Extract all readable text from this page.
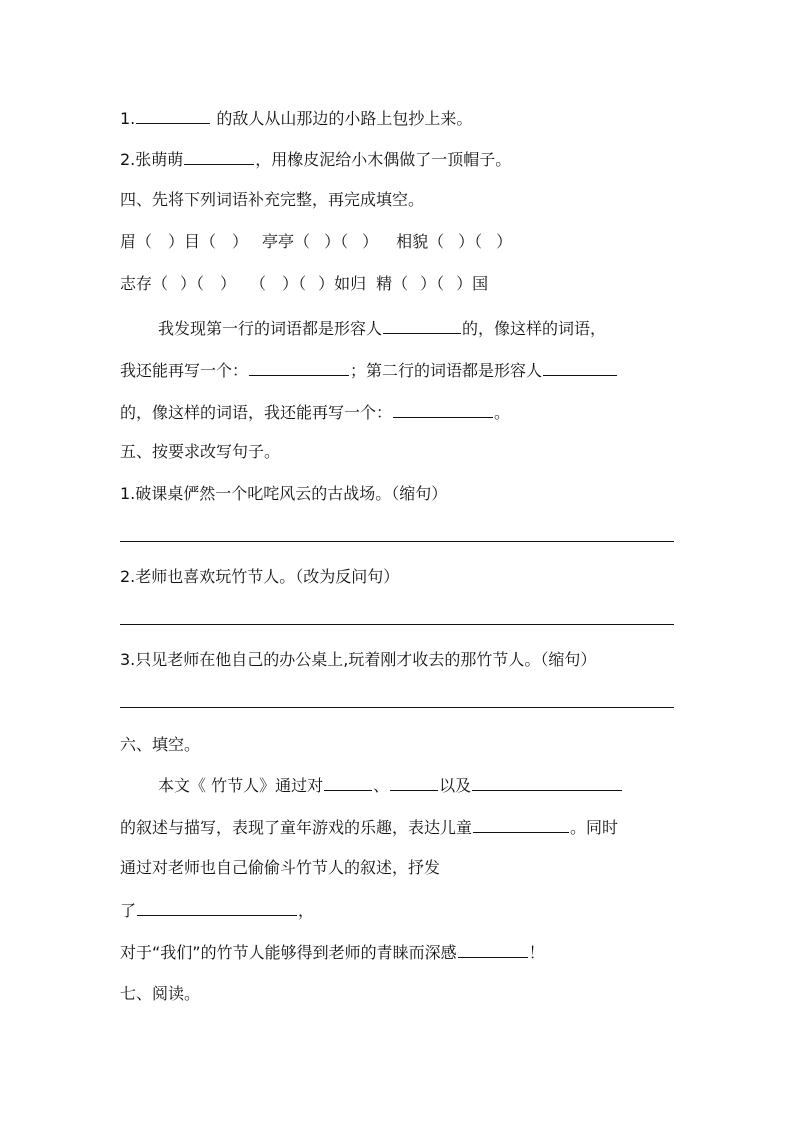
1.	的敌人从山那边的小路上包抄上来。
2.张萌萌	，用橡皮泥给小木偶做了一顶帽子。
四、先将下列词语补充完整，再完成填空。
眉（ ）目（ ） 亭亭（ ）（ ） 相貌（ ）（ ）
志存（ ）（ ） （ ）（ ）如归 精（ ）（ ）国
我发现第一行的词语都是形容人	的，像这样的词语，
我还能再写一个：	；第二行的词语都是形容人
的，像这样的词语，我还能再写一个：	。
五、按要求改写句子。
1.破课桌俨然一个叱咤风云的古战场。（缩句）
2.老师也喜欢玩竹节人。（改为反问句）
3.只见老师在他自己的办公桌上,玩着刚才收去的那竹节人。（缩句）
六、填空。
本文《 竹节人》通过对	、	以及
的叙述与描写，表现了童年游戏的乐趣，表达儿童	。同时
通过对老师也自己偷偷斗竹节人的叙述，抒发
了	，
对于“我们”的竹节人能够得到老师的青睐而深感	！
七、阅读。
